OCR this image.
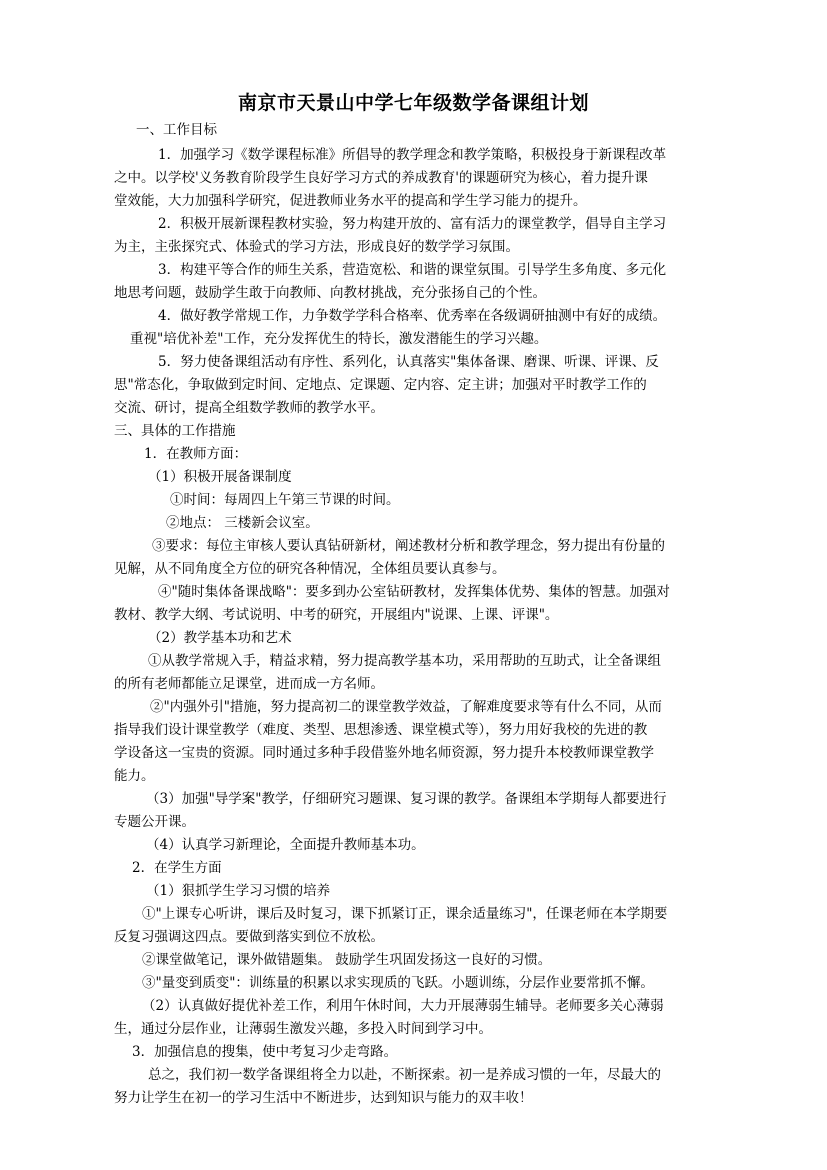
南京市天景山中学七年级数学备课组计划

一、工作目标

1．加强学习《数学课程标准》所倡导的教学理念和教学策略，积极投身于新课程改革

之中。以学校'义务教育阶段学生良好学习方式的养成教育'的课题研究为核心，着力提升课

堂效能，大力加强科学研究，促进教师业务水平的提高和学生学习能力的提升。

2．积极开展新课程教材实验，努力构建开放的、富有活力的课堂教学，倡导自主学习

为主，主张探究式、体验式的学习方法，形成良好的数学学习氛围。

3．构建平等合作的师生关系，营造宽松、和谐的课堂氛围。引导学生多角度、多元化

地思考问题，鼓励学生敢于向教师、向教材挑战，充分张扬自己的个性。

4．做好教学常规工作，力争数学学科合格率、优秀率在各级调研抽测中有好的成绩。

重视"培优补差"工作，充分发挥优生的特长，激发潜能生的学习兴趣。

5．努力使备课组活动有序性、系列化，认真落实"集体备课、磨课、听课、评课、反

思"常态化，争取做到定时间、定地点、定课题、定内容、定主讲；加强对平时教学工作的

交流、研讨，提高全组数学教师的教学水平。

三、具体的工作措施

1．在教师方面：

（1）积极开展备课制度

①时间：每周四上午第三节课的时间。

②地点： 三楼新会议室。

③要求：每位主审核人要认真钻研新材，阐述教材分析和教学理念，努力提出有份量的

见解，从不同角度全方位的研究各种情况，全体组员要认真参与。

④"随时集体备课战略"：要多到办公室钻研教材，发挥集体优势、集体的智慧。加强对

教材、教学大纲、考试说明、中考的研究，开展组内"说课、上课、评课"。

（2）教学基本功和艺术

①从教学常规入手，精益求精，努力提高教学基本功，采用帮助的互助式，让全备课组

的所有老师都能立足课堂，进而成一方名师。

②"内强外引"措施，努力提高初二的课堂教学效益，了解难度要求等有什么不同，从而

指导我们设计课堂教学（难度、类型、思想渗透、课堂模式等），努力用好我校的先进的教

学设备这一宝贵的资源。同时通过多种手段借鉴外地名师资源，努力提升本校教师课堂教学

能力。

（3）加强"导学案"教学，仔细研究习题课、复习课的教学。备课组本学期每人都要进行

专题公开课。

（4）认真学习新理论，全面提升教师基本功。

2．在学生方面

（1）狠抓学生学习习惯的培养

①"上课专心听讲，课后及时复习，课下抓紧订正，课余适量练习"，任课老师在本学期要

反复习强调这四点。要做到落实到位不放松。

②课堂做笔记，课外做错题集。 鼓励学生巩固发扬这一良好的习惯。

③"量变到质变"：训练量的积累以求实现质的飞跃。小题训练，分层作业要常抓不懈。

（2）认真做好提优补差工作，利用午休时间，大力开展薄弱生辅导。老师要多关心薄弱

生，通过分层作业，让薄弱生激发兴趣，多投入时间到学习中。

3．加强信息的搜集，使中考复习少走弯路。

总之，我们初一数学备课组将全力以赴，不断探索。初一是养成习惯的一年，尽最大的

努力让学生在初一的学习生活中不断进步，达到知识与能力的双丰收！
